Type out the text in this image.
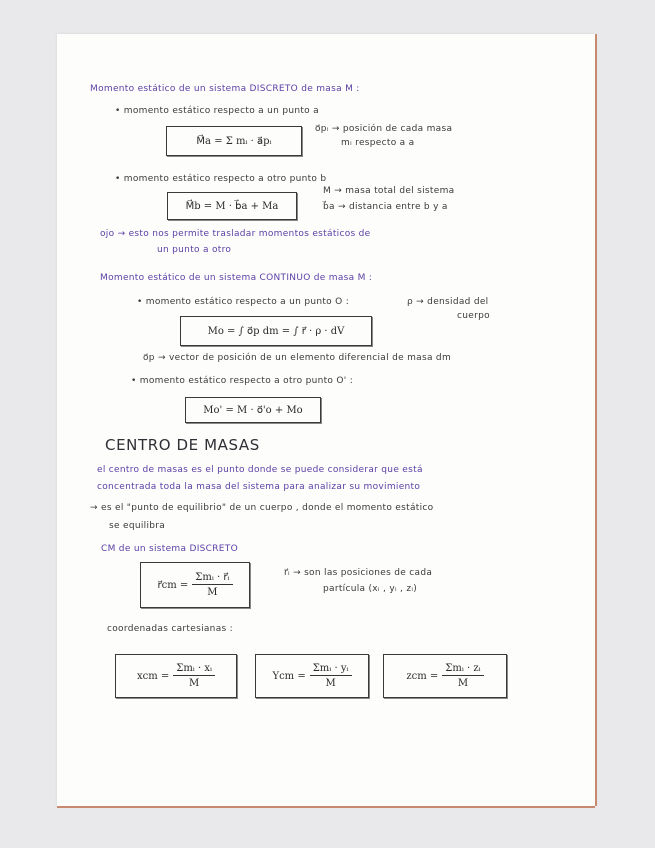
Momento estático de un sistema DISCRETO de masa M :
• momento estático respecto a un punto a
M⃗a = Σ mᵢ · a⃗pᵢ
o⃗pᵢ → posición de cada masa
mᵢ respecto a a
• momento estático respecto a otro punto b
M⃗b = M · b⃗a + Ma
M → masa total del sistema
b⃗a → distancia entre b y a
ojo → esto nos permite trasladar momentos estáticos de
un punto a otro
Momento estático de un sistema CONTINUO de masa M :
• momento estático respecto a un punto O :	ρ → densidad del
cuerpo
Mo = ∫ o⃗p dm = ∫ r⃗ · ρ · dV
o⃗p → vector de posición de un elemento diferencial de masa dm
• momento estático respecto a otro punto O' :
Mo' = M · o⃗'o + Mo
CENTRO DE MASAS
el centro de masas es el punto donde se puede considerar que está
concentrada toda la masa del sistema para analizar su movimiento
→ es el "punto de equilibrio" de un cuerpo , donde el momento estático
se equilibra
CM de un sistema DISCRETO
r⃗cm = $\frac{\text{Σmᵢ · r⃗ᵢ}}{M}$	r⃗ᵢ → son las posiciones de cada
partícula (xᵢ , yᵢ , zᵢ)
coordenadas cartesianas :
xcm = $\frac{\text{Σmᵢ · xᵢ}}{M}$	Ycm = $\frac{\text{Σmᵢ · yᵢ}}{M}$	zcm = $\frac{\text{Σmᵢ · zᵢ}}{M}$
